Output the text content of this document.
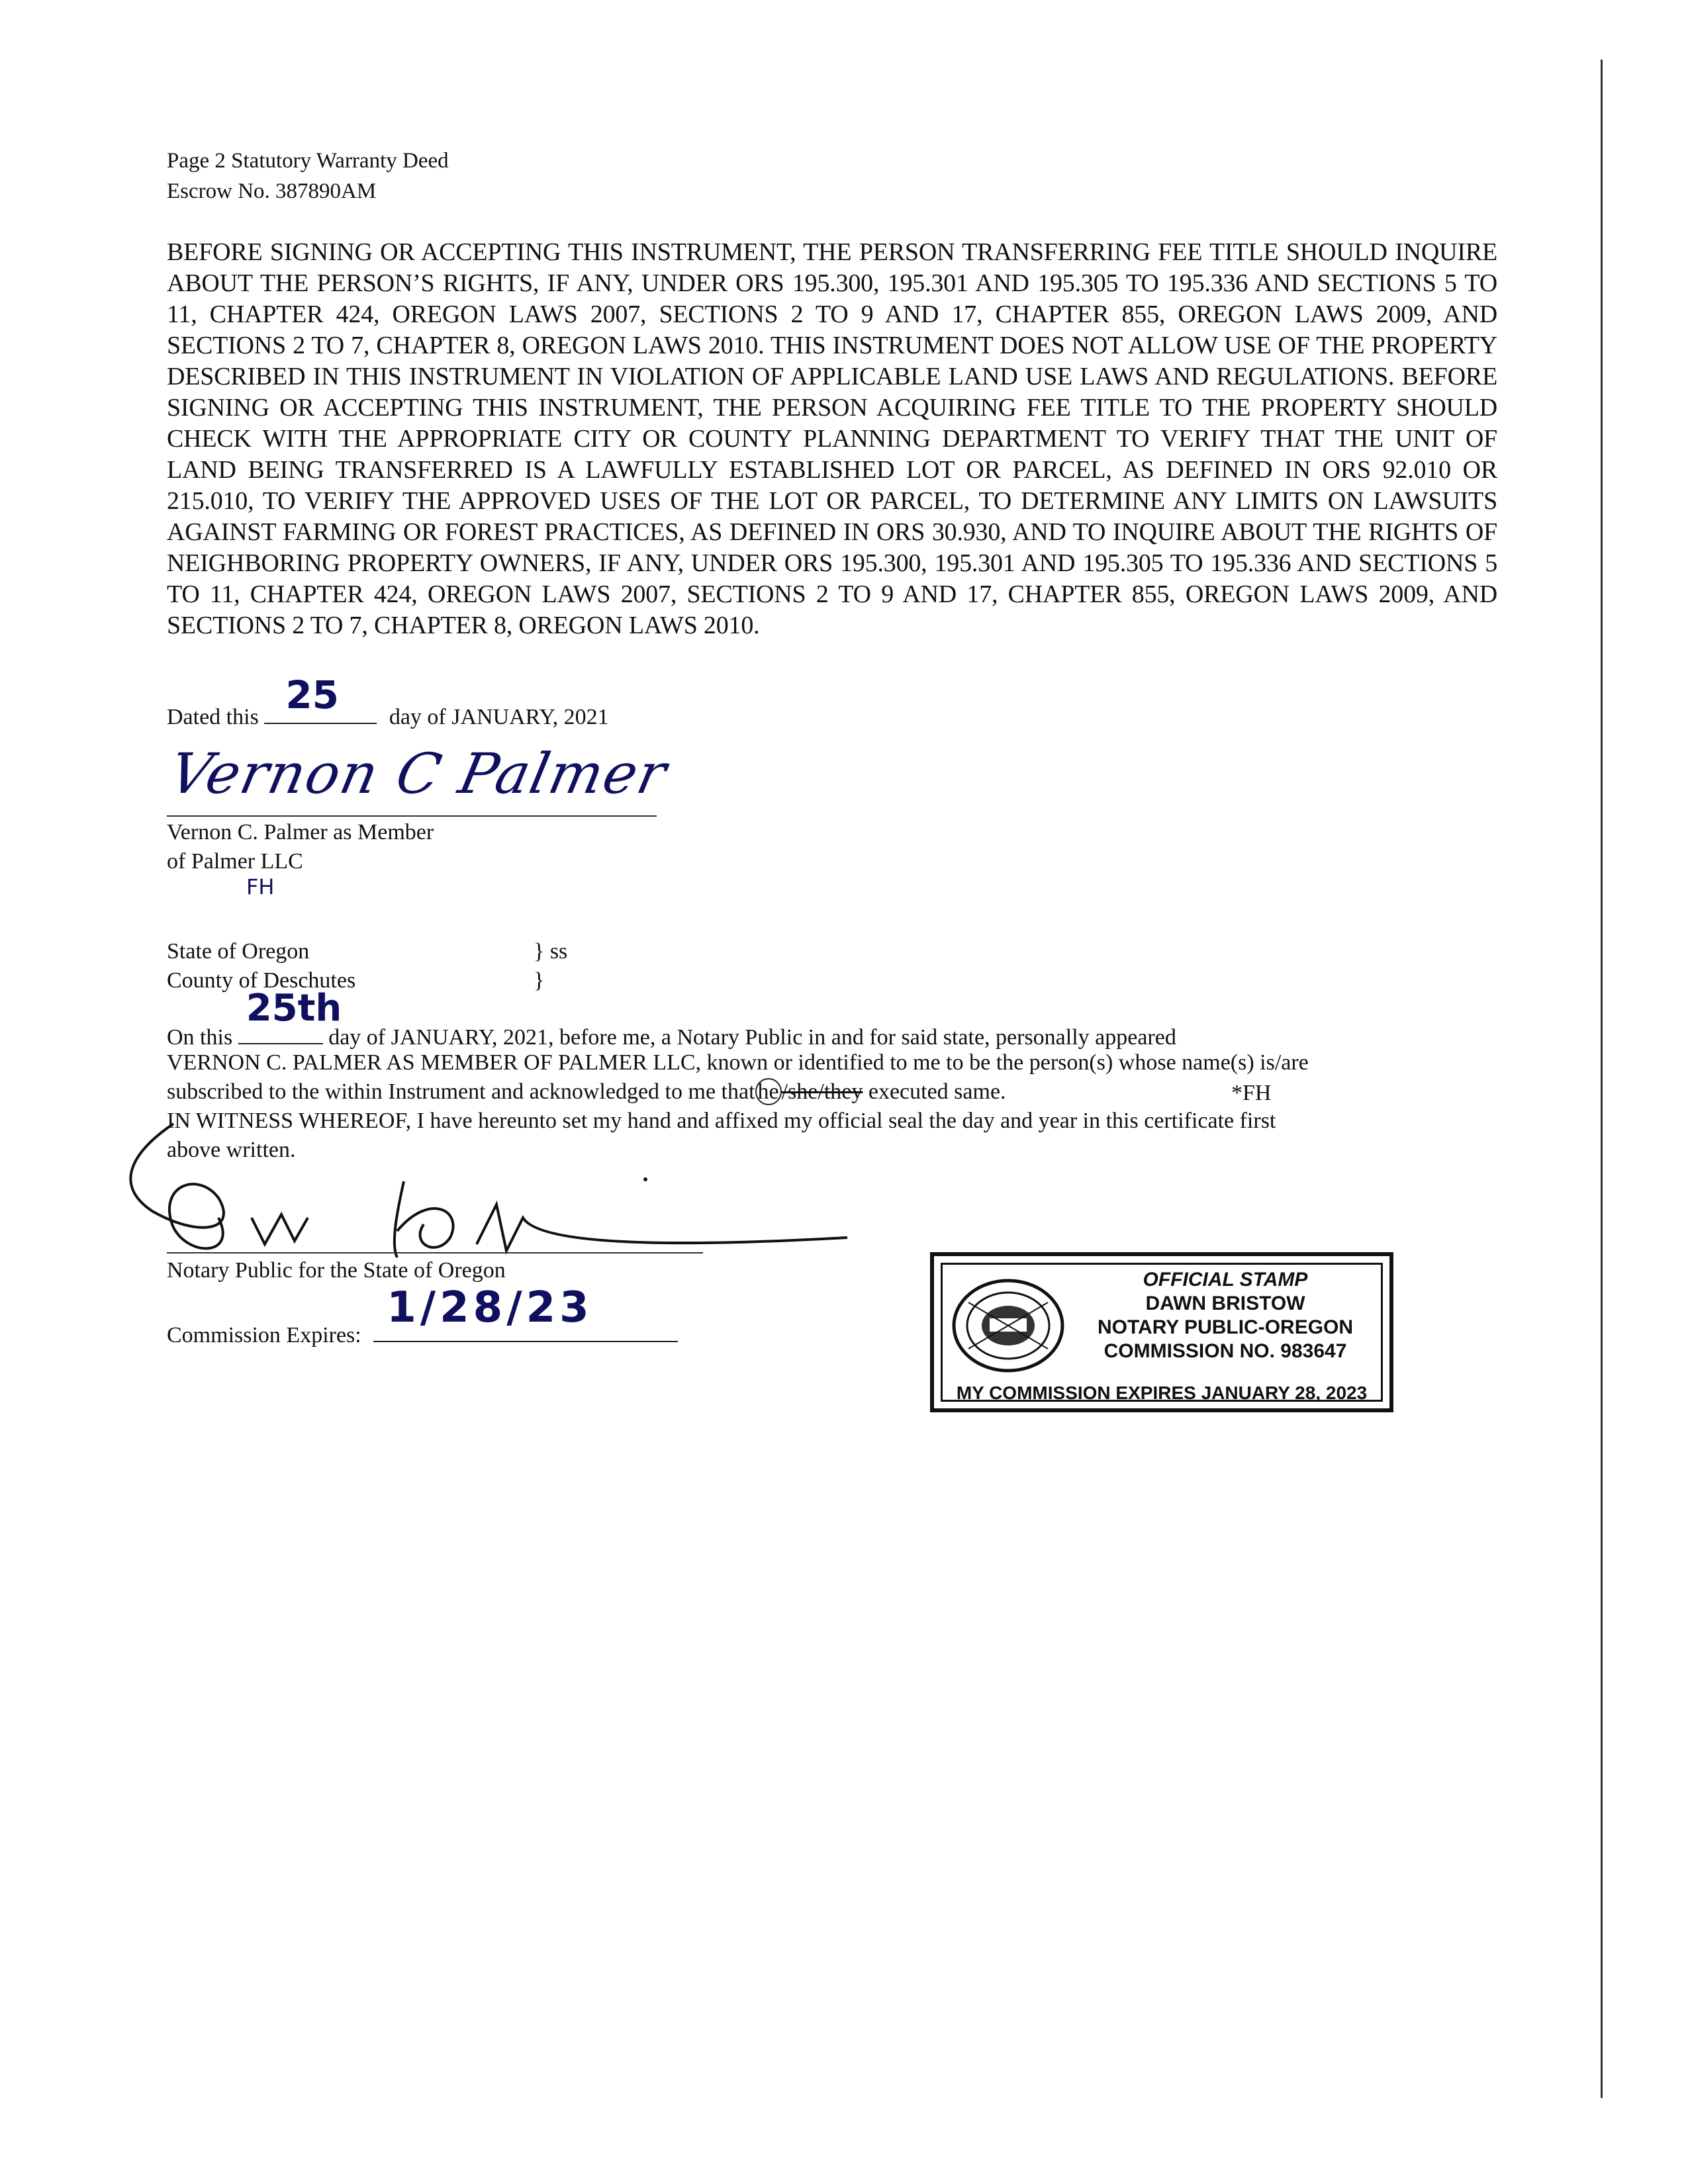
Page 2 Statutory Warranty Deed
Escrow No. 387890AM
BEFORE SIGNING OR ACCEPTING THIS INSTRUMENT, THE PERSON TRANSFERRING FEE TITLE SHOULD INQUIRE ABOUT THE PERSON’S RIGHTS, IF ANY, UNDER ORS 195.300, 195.301 AND 195.305 TO 195.336 AND SECTIONS 5 TO 11, CHAPTER 424, OREGON LAWS 2007, SECTIONS 2 TO 9 AND 17, CHAPTER 855, OREGON LAWS 2009, AND SECTIONS 2 TO 7, CHAPTER 8, OREGON LAWS 2010. THIS INSTRUMENT DOES NOT ALLOW USE OF THE PROPERTY DESCRIBED IN THIS INSTRUMENT IN VIOLATION OF APPLICABLE LAND USE LAWS AND REGULATIONS. BEFORE SIGNING OR ACCEPTING THIS INSTRUMENT, THE PERSON ACQUIRING FEE TITLE TO THE PROPERTY SHOULD CHECK WITH THE APPROPRIATE CITY OR COUNTY PLANNING DEPARTMENT TO VERIFY THAT THE UNIT OF LAND BEING TRANSFERRED IS A LAWFULLY ESTABLISHED LOT OR PARCEL, AS DEFINED IN ORS 92.010 OR 215.010, TO VERIFY THE APPROVED USES OF THE LOT OR PARCEL, TO DETERMINE ANY LIMITS ON LAWSUITS AGAINST FARMING OR FOREST PRACTICES, AS DEFINED IN ORS 30.930, AND TO INQUIRE ABOUT THE RIGHTS OF NEIGHBORING PROPERTY OWNERS, IF ANY, UNDER ORS 195.300, 195.301 AND 195.305 TO 195.336 AND SECTIONS 5 TO 11, CHAPTER 424, OREGON LAWS 2007, SECTIONS 2 TO 9 AND 17, CHAPTER 855, OREGON LAWS 2009, AND SECTIONS 2 TO 7, CHAPTER 8, OREGON LAWS 2010.
Dated this 25 day of JANUARY, 2021
Vernon C Palmer
Vernon C. Palmer as Member
of Palmer LLC
FH
State of Oregon	} ss
County of Deschutes	}
On this
25th
day of JANUARY, 2021, before me, a Notary Public in and for said state, personally appeared
VERNON C. PALMER AS MEMBER OF PALMER LLC, known or identified to me to be the person(s) whose name(s) is/are
subscribed to the within Instrument and acknowledged to me that he /she/they executed same.	*FH
IN WITNESS WHEREOF, I have hereunto set my hand and affixed my official seal the day and year in this certificate first
above written.
Notary Public for the State of Oregon
Commission Expires:
1/28/23
OFFICIAL STAMP
DAWN BRISTOW
NOTARY PUBLIC-OREGON
COMMISSION NO. 983647
MY COMMISSION EXPIRES JANUARY 28, 2023
